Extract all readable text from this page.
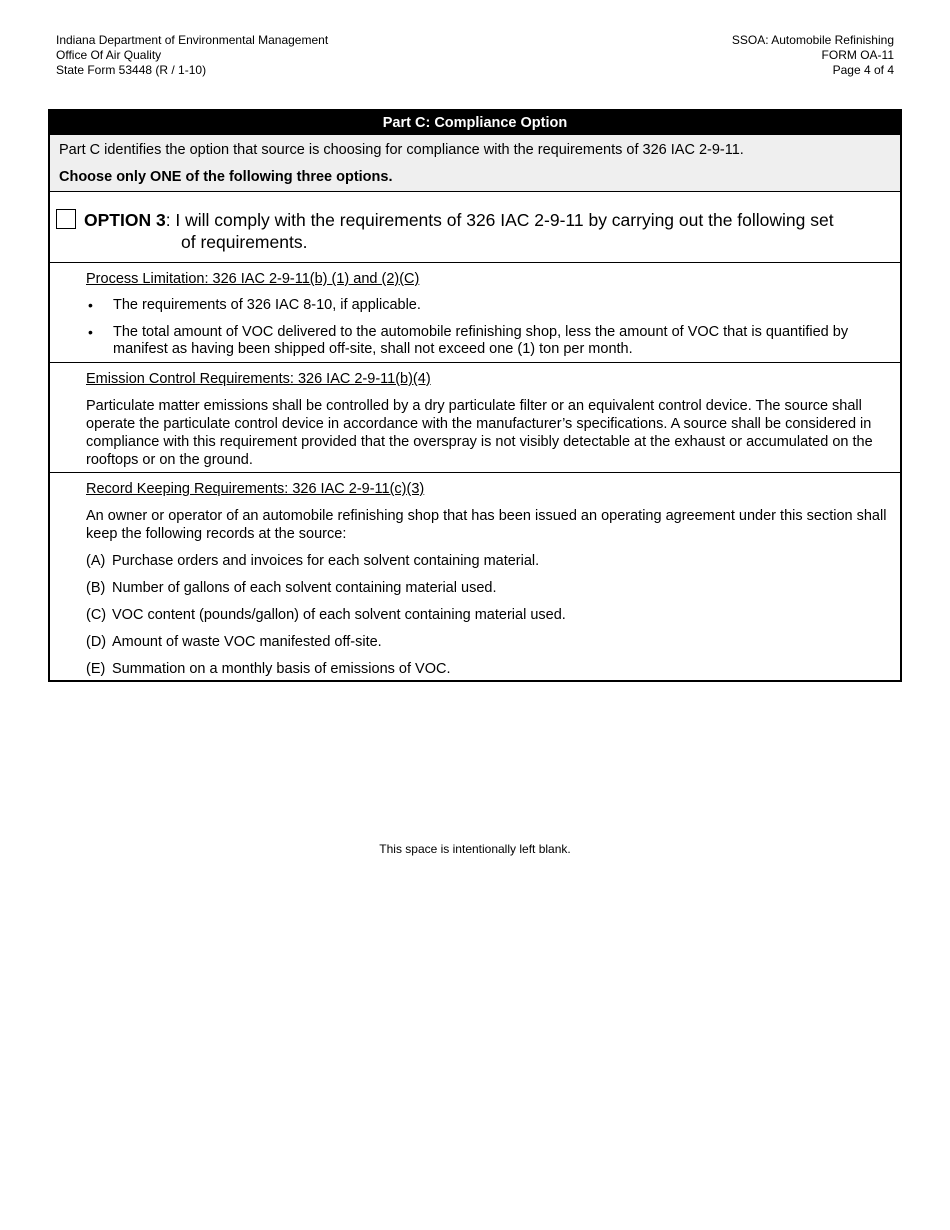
Indiana Department of Environmental Management
Office Of Air Quality
State Form 53448 (R / 1-10)
SSOA: Automobile Refinishing
FORM OA-11
Page 4 of 4
Part C: Compliance Option

Part C identifies the option that source is choosing for compliance with the requirements of 326 IAC 2-9-11.

Choose only ONE of the following three options.

OPTION 3: I will comply with the requirements of 326 IAC 2-9-11 by carrying out the following set
of requirements.
Process Limitation: 326 IAC 2-9-11(b) (1) and (2)(C)
• The requirements of 326 IAC 8-10, if applicable.
• The total amount of VOC delivered to the automobile refinishing shop, less the amount of VOC that is quantified by manifest as having been shipped off-site, shall not exceed one (1) ton per month.
Emission Control Requirements: 326 IAC 2-9-11(b)(4)

Particulate matter emissions shall be controlled by a dry particulate filter or an equivalent control device. The source shall operate the particulate control device in accordance with the manufacturer’s specifications. A source shall be considered in compliance with this requirement provided that the overspray is not visibly detectable at the exhaust or accumulated on the rooftops or on the ground.

Record Keeping Requirements: 326 IAC 2-9-11(c)(3)

An owner or operator of an automobile refinishing shop that has been issued an operating agreement under this section shall keep the following records at the source:

(A) Purchase orders and invoices for each solvent containing material.
(B) Number of gallons of each solvent containing material used.
(C) VOC content (pounds/gallon) of each solvent containing material used.
(D) Amount of waste VOC manifested off-site.
(E) Summation on a monthly basis of emissions of VOC.
This space is intentionally left blank.
